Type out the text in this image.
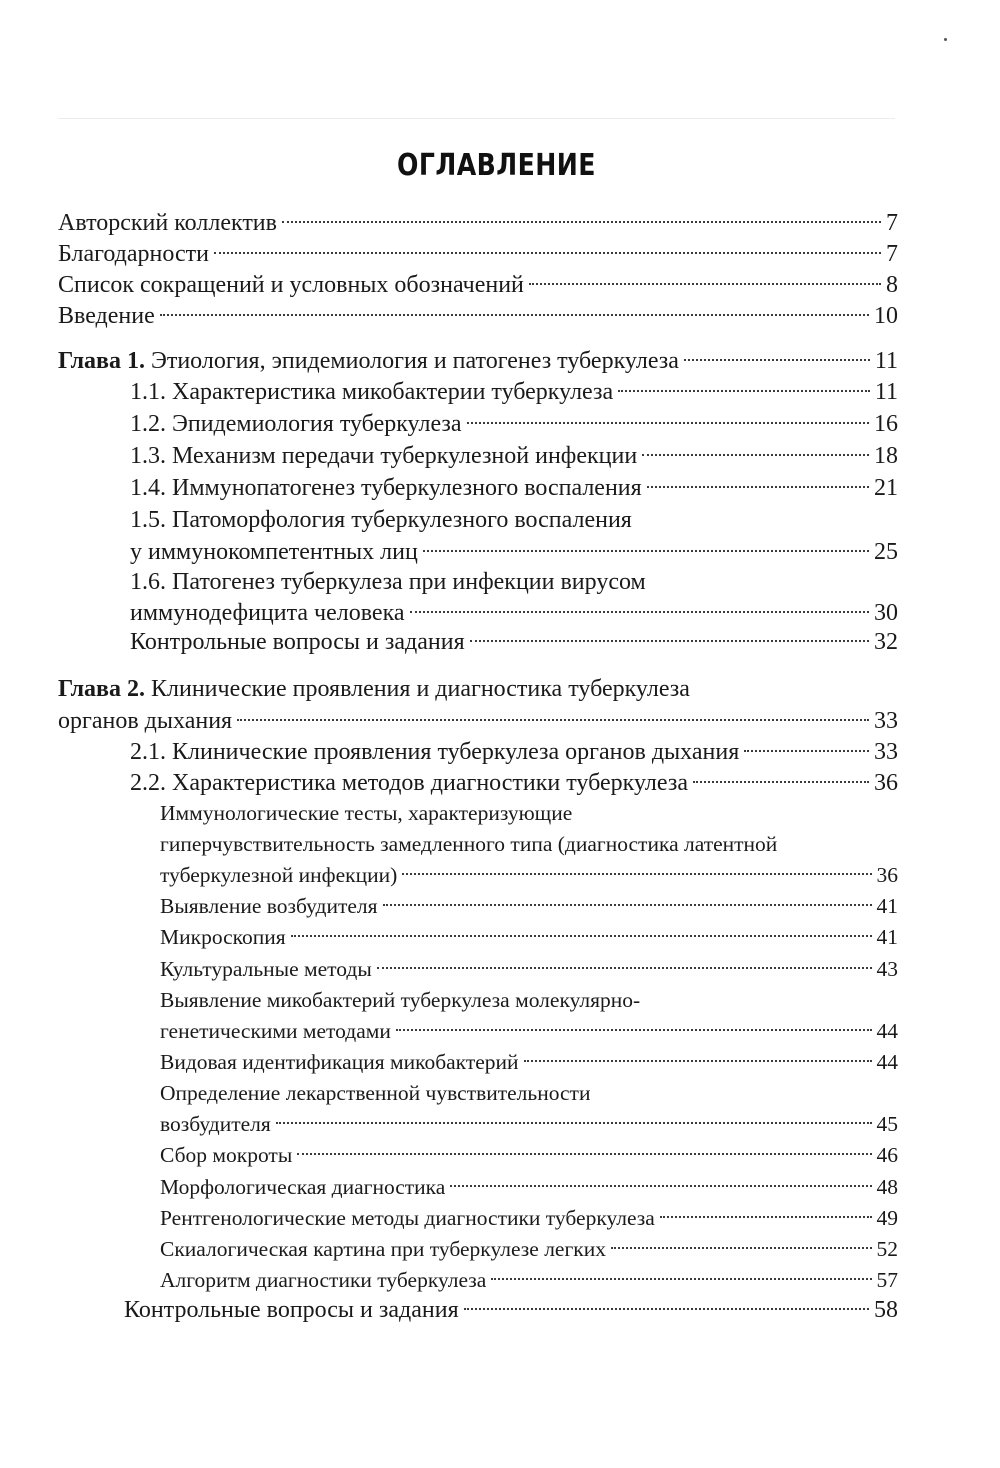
ОГЛАВЛЕНИЕ
Авторский коллектив	7
Благодарности	7
Список сокращений и условных обозначений	8
Введение	10
Глава 1. Этиология, эпидемиология и патогенез туберкулеза	11
1.1. Характеристика микобактерии туберкулеза	11
1.2. Эпидемиология туберкулеза	16
1.3. Механизм передачи туберкулезной инфекции	18
1.4. Иммунопатогенез туберкулезного воспаления	21
1.5. Патоморфология туберкулезного воспаления
у иммунокомпетентных лиц	25
1.6. Патогенез туберкулеза при инфекции вирусом
иммунодефицита человека	30
Контрольные вопросы и задания	32
Глава 2. Клинические проявления и диагностика туберкулеза
органов дыхания	33
2.1. Клинические проявления туберкулеза органов дыхания	33
2.2. Характеристика методов диагностики туберкулеза	36
Иммунологические тесты, характеризующие
гиперчувствительность замедленного типа (диагностика латентной
туберкулезной инфекции)	36
Выявление возбудителя	41
Микроскопия	41
Культуральные методы	43
Выявление микобактерий туберкулеза молекулярно-
генетическими методами	44
Видовая идентификация микобактерий	44
Определение лекарственной чувствительности
возбудителя	45
Сбор мокроты	46
Морфологическая диагностика	48
Рентгенологические методы диагностики туберкулеза	49
Скиалогическая картина при туберкулезе легких	52
Алгоритм диагностики туберкулеза	57
Контрольные вопросы и задания	58
